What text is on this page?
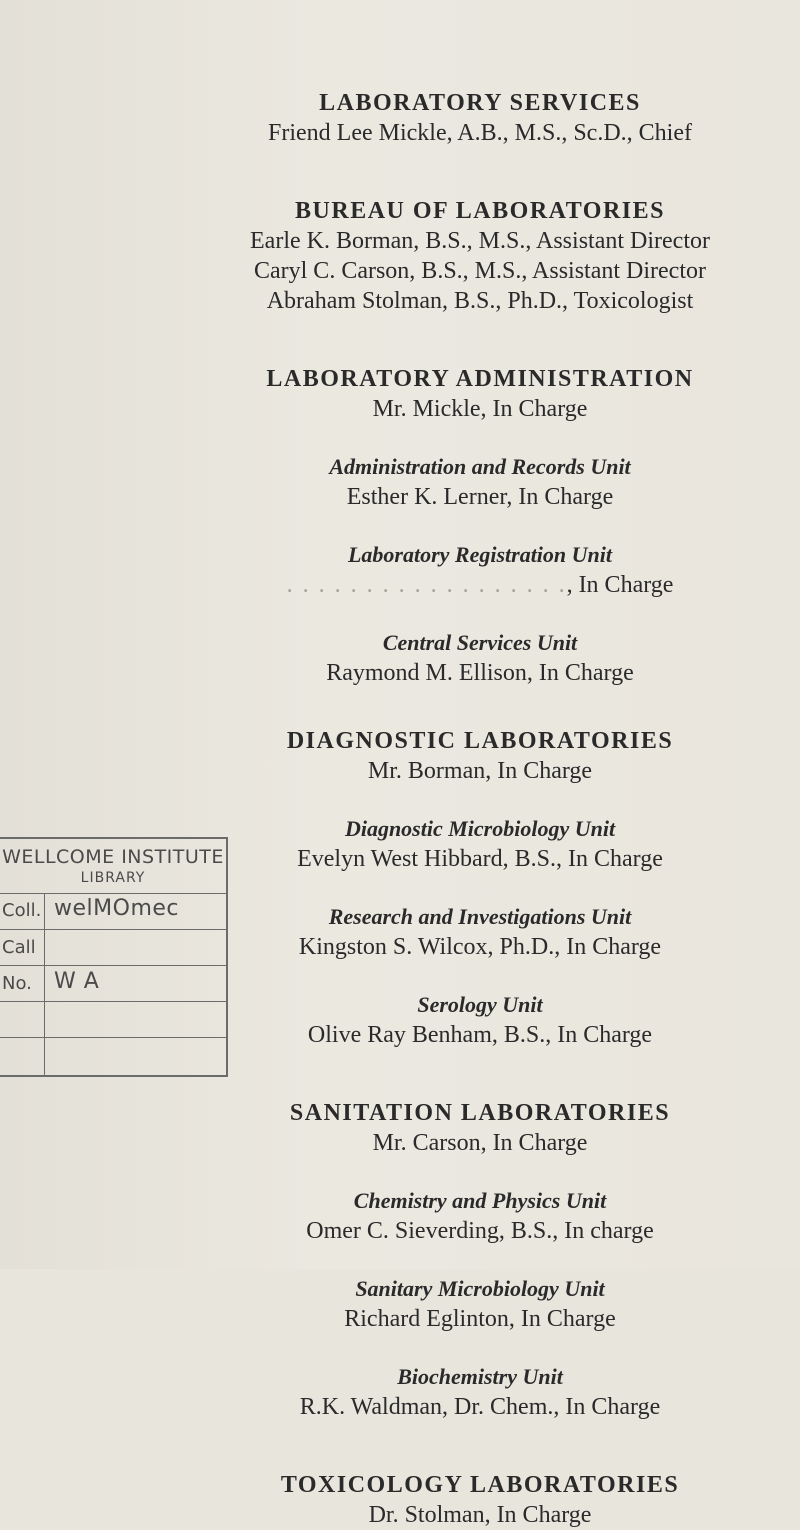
LABORATORY SERVICES

Friend Lee Mickle, A.B., M.S., Sc.D., Chief

BUREAU OF LABORATORIES

Earle K. Borman, B.S., M.S., Assistant Director

Caryl C. Carson, B.S., M.S., Assistant Director

Abraham Stolman, B.S., Ph.D., Toxicologist

LABORATORY ADMINISTRATION

Mr. Mickle, In Charge

Administration and Records Unit

Esther K. Lerner, In Charge

Laboratory Registration Unit

. . . . . . . . . . . . . . . . . ., In Charge

Central Services Unit

Raymond M. Ellison, In Charge

DIAGNOSTIC LABORATORIES

Mr. Borman, In Charge

Diagnostic Microbiology Unit

Evelyn West Hibbard, B.S., In Charge

Research and Investigations Unit

Kingston S. Wilcox, Ph.D., In Charge

Serology Unit

Olive Ray Benham, B.S., In Charge

SANITATION LABORATORIES

Mr. Carson, In Charge

Chemistry and Physics Unit

Omer C. Sieverding, B.S., In charge

Sanitary Microbiology Unit

Richard Eglinton, In Charge

Biochemistry Unit

R.K. Waldman, Dr. Chem., In Charge

TOXICOLOGY LABORATORIES

Dr. Stolman, In Charge

WELLCOME INSTITUTE
LIBRARY
Coll. welMOmec
Call
No. W A
